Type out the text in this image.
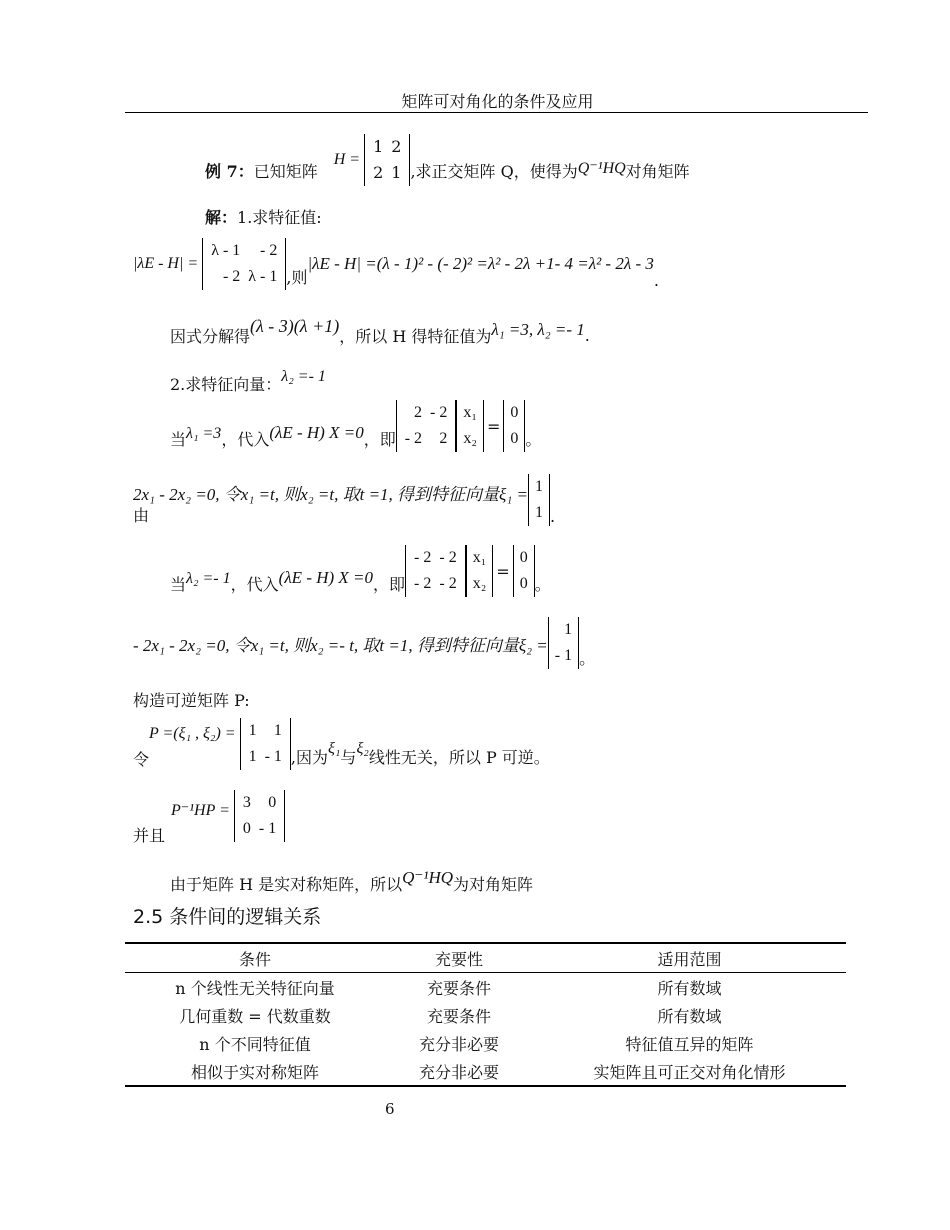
矩阵可对角化的条件及应用
例 7： 已知矩阵
H =
1	2
2	1 ,求正交矩阵 Q，使得为 Q⁻¹HQ 对角矩阵
解：1.求特征值:
|λE - H| =
λ - 1	- 2
- 2	λ - 1 ,则
|λE - H| =(λ - 1)² - (- 2)² =λ² - 2λ +1- 4 =λ² - 2λ - 3
.
因式分解得
(λ - 3)(λ +1)
，所以 H 得特征值为 λ₁ =3, λ₂ =- 1 .
2.求特征向量： λ₂ =- 1
当 λ₁ =3 ，代入 (λE - H) X =0 ，即
2	- 2
- 2	2
x₁
x₂
=
0
0 。
由
2x₁ - 2x₂ =0, 令x₁ =t, 则x₂ =t, 取t =1, 得到特征向量ξ₁ = 1
1 .
当 λ₂ =- 1 ，代入 (λE - H) X =0 ，即
- 2	- 2
- 2	- 2
x₁
x₂
=
0
0 。
- 2x₁ - 2x₂ =0, 令x₁ =t, 则x₂ =- t, 取t =1, 得到特征向量ξ₂ =
1
- 1 。
构造可逆矩阵 P:
令
P =(ξ₁ , ξ₂) = 1	1
1	- 1 ,因为 ξ₁ 与 ξ₂ 线性无关，所以 P 可逆。
并且
P⁻¹HP = 3	0
0	- 1
由于矩阵 H 是实对称矩阵，所以 Q⁻¹HQ 为对角矩阵
2.5 条件间的逻辑关系
条件	充要性	适用范围
n 个线性无关特征向量	充要条件	所有数域
几何重数 = 代数重数	充要条件	所有数域
n 个不同特征值	充分非必要	特征值互异的矩阵
相似于实对称矩阵	充分非必要	实矩阵且可正交对角化情形
6
